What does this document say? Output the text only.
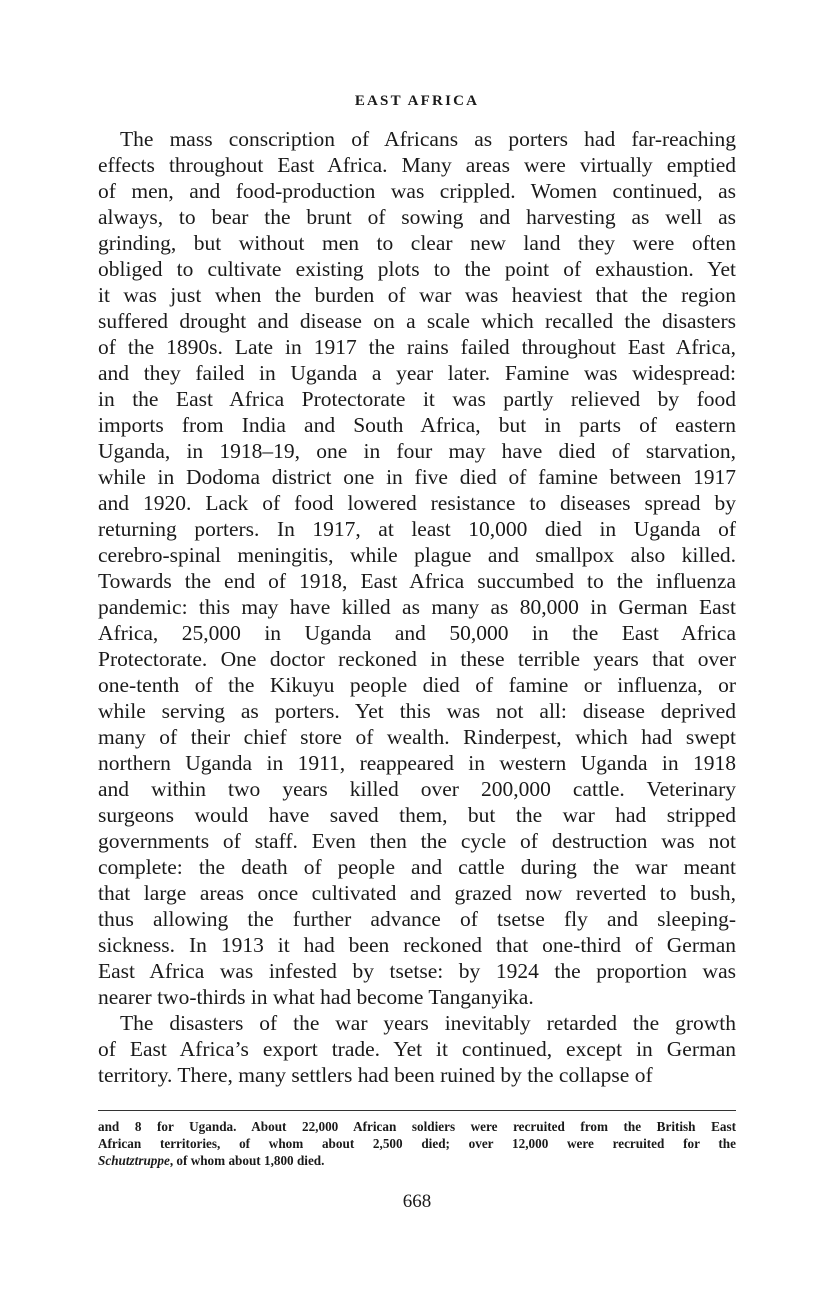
EAST AFRICA
The mass conscription of Africans as porters had far-reaching
effects throughout East Africa. Many areas were virtually emptied
of men, and food-production was crippled. Women continued, as
always, to bear the brunt of sowing and harvesting as well as
grinding, but without men to clear new land they were often
obliged to cultivate existing plots to the point of exhaustion. Yet
it was just when the burden of war was heaviest that the region
suffered drought and disease on a scale which recalled the disasters
of the 1890s. Late in 1917 the rains failed throughout East Africa,
and they failed in Uganda a year later. Famine was widespread:
in the East Africa Protectorate it was partly relieved by food
imports from India and South Africa, but in parts of eastern
Uganda, in 1918–19, one in four may have died of starvation,
while in Dodoma district one in five died of famine between 1917
and 1920. Lack of food lowered resistance to diseases spread by
returning porters. In 1917, at least 10,000 died in Uganda of
cerebro-spinal meningitis, while plague and smallpox also killed.
Towards the end of 1918, East Africa succumbed to the influenza
pandemic: this may have killed as many as 80,000 in German East
Africa, 25,000 in Uganda and 50,000 in the East Africa
Protectorate. One doctor reckoned in these terrible years that over
one-tenth of the Kikuyu people died of famine or influenza, or
while serving as porters. Yet this was not all: disease deprived
many of their chief store of wealth. Rinderpest, which had swept
northern Uganda in 1911, reappeared in western Uganda in 1918
and within two years killed over 200,000 cattle. Veterinary
surgeons would have saved them, but the war had stripped
governments of staff. Even then the cycle of destruction was not
complete: the death of people and cattle during the war meant
that large areas once cultivated and grazed now reverted to bush,
thus allowing the further advance of tsetse fly and sleeping-
sickness. In 1913 it had been reckoned that one-third of German
East Africa was infested by tsetse: by 1924 the proportion was
nearer two-thirds in what had become Tanganyika.
The disasters of the war years inevitably retarded the growth
of East Africa’s export trade. Yet it continued, except in German
territory. There, many settlers had been ruined by the collapse of
and 8 for Uganda. About 22,000 African soldiers were recruited from the British East
African territories, of whom about 2,500 died; over 12,000 were recruited for the
Schutztruppe, of whom about 1,800 died.
668
